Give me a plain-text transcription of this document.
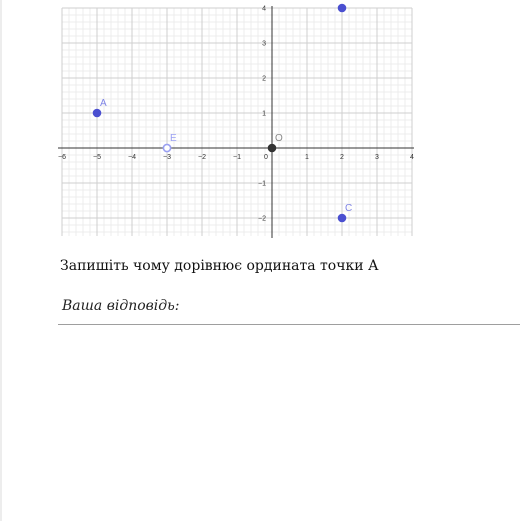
−6	−5	−4	−3	−2	−1	0	1	2	3	4
−2
−1
1
2
3
4
A
E	O
C
Запишіть чому дорівнює ордината точки А
Ваша відповідь:
